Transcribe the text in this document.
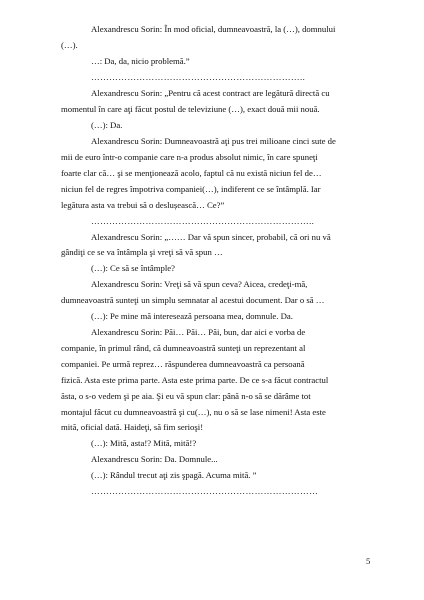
Alexandrescu Sorin: În mod oficial, dumneavoastră, la (…), domnului

(…).

…: Da, da, nicio problemă.”

……………………………………………………………..

Alexandrescu Sorin: „Pentru că acest contract are legătură directă cu

momentul în care aţi făcut postul de televiziune (…), exact două mii nouă.

(…): Da.

Alexandrescu Sorin: Dumneavoastră aţi pus trei milioane cinci sute de

mii de euro într-o companie care n-a produs absolut nimic, în care spuneţi

foarte clar că… şi se menţionează acolo, faptul că nu există niciun fel de…

niciun fel de regres împotriva companiei(…), indiferent ce se întâmplă. Iar

legătura asta va trebui să o deslușească… Ce?”

………………………………………………………………..

Alexandrescu Sorin: „…… Dar vă spun sincer, probabil, că ori nu vă

gândiţi ce se va întâmpla şi vreţi să vă spun …

(…): Ce să se întâmple?

Alexandrescu Sorin: Vreţi să vă spun ceva? Aicea, credeţi-mă,

dumneavoastră sunteţi un simplu semnatar al acestui document. Dar o să …

(…): Pe mine mă interesează persoana mea, domnule. Da.

Alexandrescu Sorin: Păi… Păi… Păi, bun, dar aici e vorba de

companie, în primul rând, că dumneavoastră sunteţi un reprezentant al

companiei. Pe urmă reprez… răspunderea dumneavoastră ca persoană

fizică. Asta este prima parte. Asta este prima parte. De ce s-a făcut contractul

ăsta, o s-o vedem şi pe aia. Şi eu vă spun clar: până n-o să se dărâme tot

montajul făcut cu dumneavoastră şi cu(…), nu o să se lase nimeni! Asta este

mită, oficial dată. Haideţi, să fim serioşi!

(…): Mită, asta!? Mită, mită!?

Alexandrescu Sorin: Da. Domnule...

(…): Rândul trecut aţi zis şpagă. Acuma mită. ”

…………………………………………………………………

5
